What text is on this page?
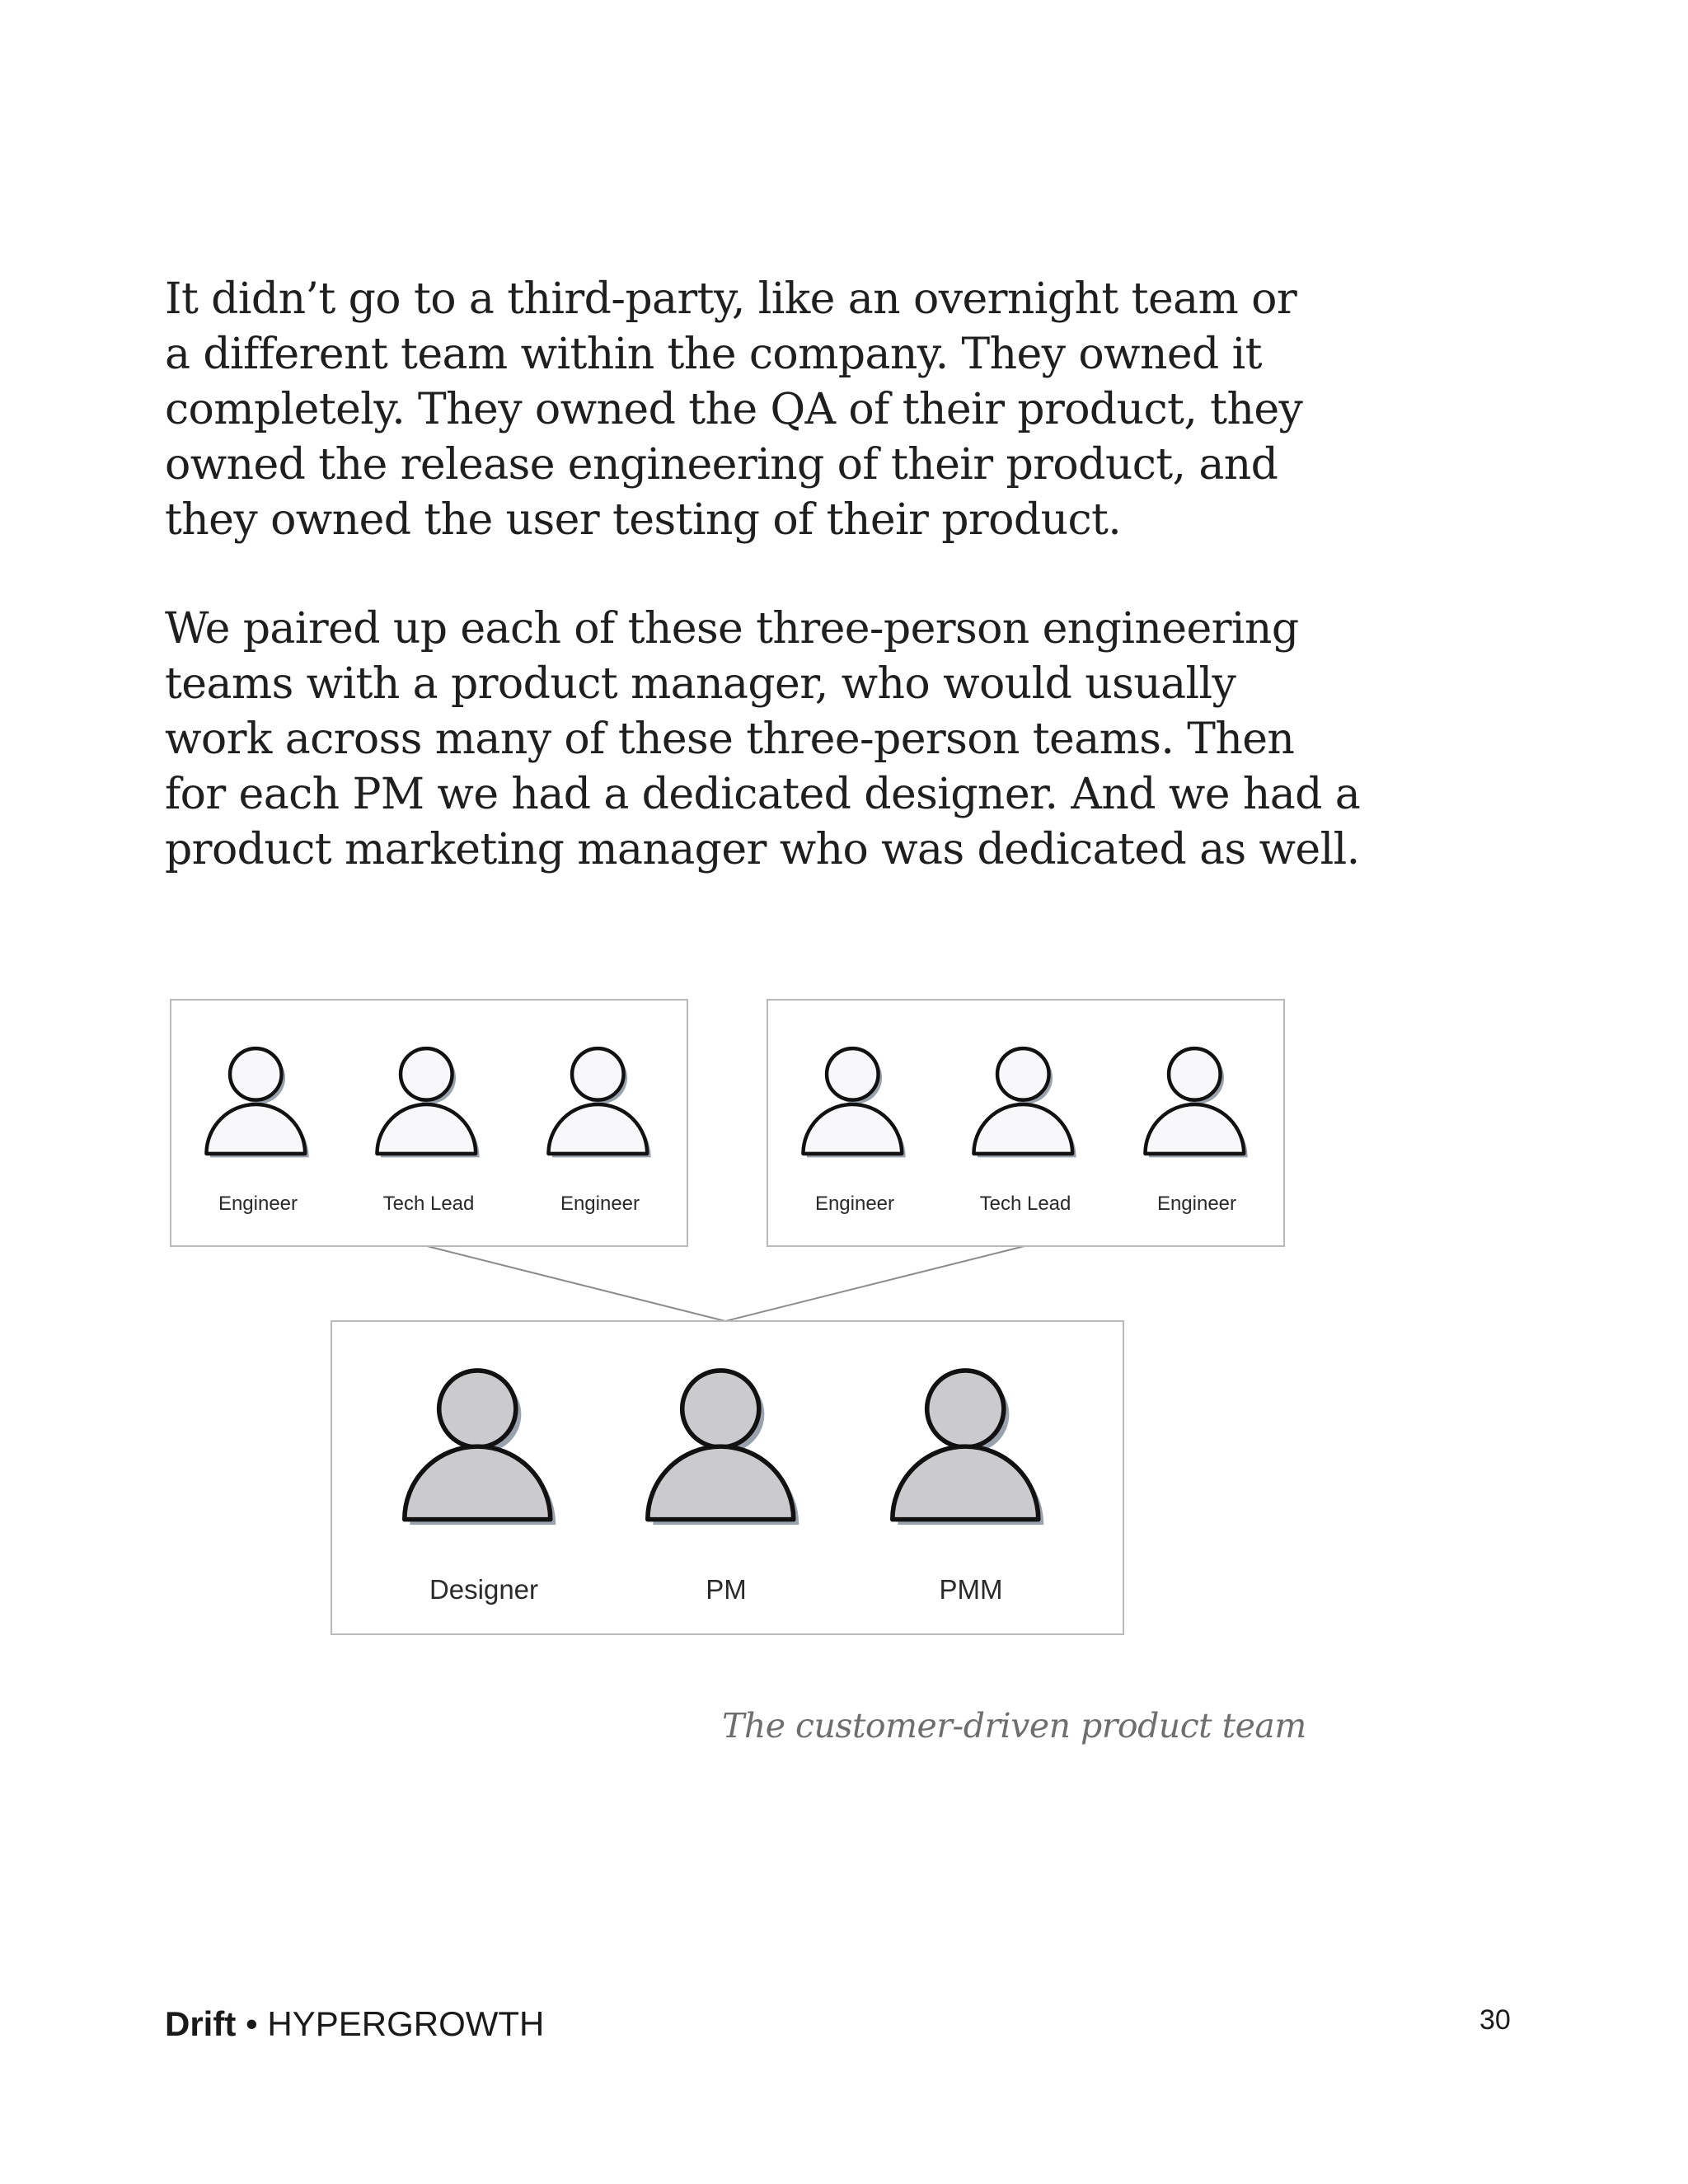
It didn’t go to a third-party, like an overnight team or
a different team within the company. They owned it
completely. They owned the QA of their product, they
owned the release engineering of their product, and
they owned the user testing of their product.
We paired up each of these three-person engineering
teams with a product manager, who would usually
work across many of these three-person teams. Then
for each PM we had a dedicated designer. And we had a
product marketing manager who was dedicated as well.
Engineer	Tech Lead	Engineer	Engineer	Tech Lead	Engineer
Designer	PM	PMM
The customer-driven product team
Drift • HYPERGROWTH	30
